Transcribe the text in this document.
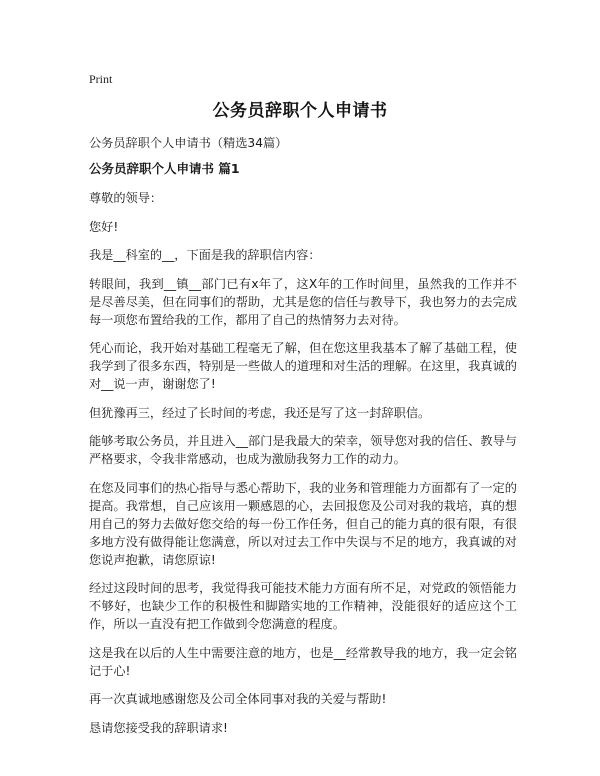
Print
公务员辞职个人申请书

公务员辞职个人申请书（精选34篇）

公务员辞职个人申请书 篇1

尊敬的领导：

您好!

我是__科室的__，下面是我的辞职信内容：

转眼间，我到__镇__部门已有x年了，这X年的工作时间里，虽然我的工作并不是尽善尽美，但在同事们的帮助，尤其是您的信任与教导下，我也努力的去完成每一项您布置给我的工作，都用了自己的热情努力去对待。

凭心而论，我开始对基础工程毫无了解，但在您这里我基本了解了基础工程，使我学到了很多东西，特别是一些做人的道理和对生活的理解。在这里，我真诚的对__说一声，谢谢您了!

但犹豫再三，经过了长时间的考虑，我还是写了这一封辞职信。

能够考取公务员，并且进入__部门是我最大的荣幸，领导您对我的信任、教导与严格要求，令我非常感动，也成为激励我努力工作的动力。

在您及同事们的热心指导与悉心帮助下，我的业务和管理能力方面都有了一定的提高。我常想，自己应该用一颗感恩的心，去回报您及公司对我的栽培，真的想用自己的努力去做好您交给的每一份工作任务，但自己的能力真的很有限，有很多地方没有做得能让您满意，所以对过去工作中失误与不足的地方，我真诚的对您说声抱歉，请您原谅!

经过这段时间的思考，我觉得我可能技术能力方面有所不足，对党政的领悟能力不够好，也缺少工作的积极性和脚踏实地的工作精神，没能很好的适应这个工作，所以一直没有把工作做到令您满意的程度。

这是我在以后的人生中需要注意的地方，也是__经常教导我的地方，我一定会铭记于心!

再一次真诚地感谢您及公司全体同事对我的关爱与帮助!

恳请您接受我的辞职请求!
